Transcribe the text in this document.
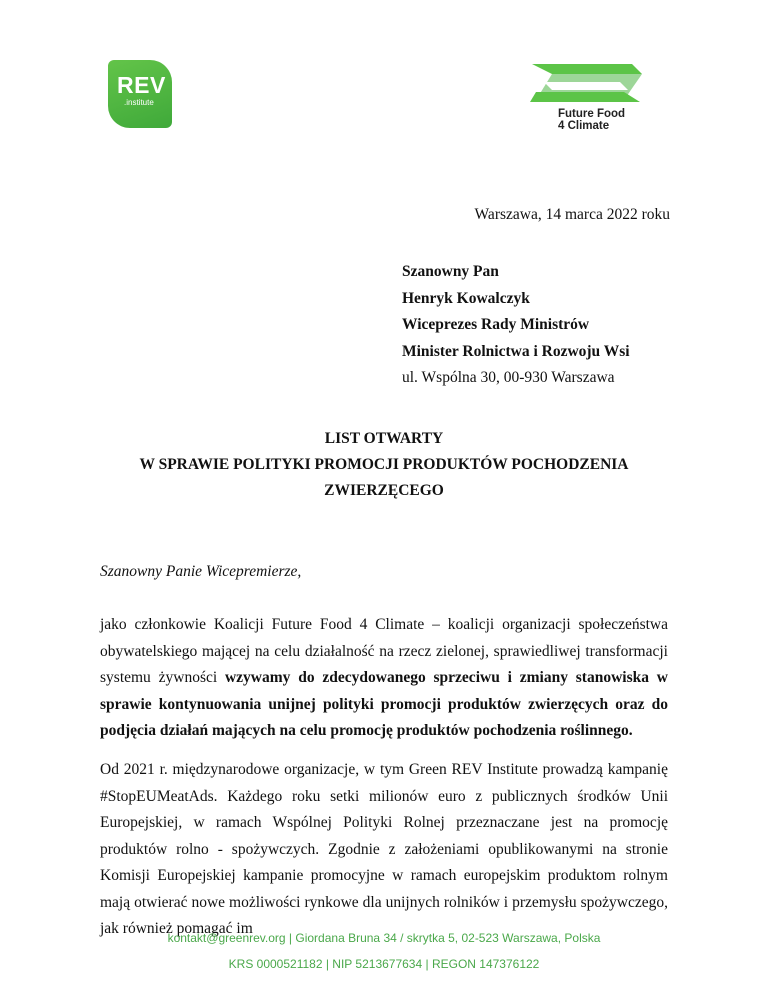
REV
.institute
Future Food
4 Climate
Warszawa, 14 marca 2022 roku
Szanowny Pan
Henryk Kowalczyk
Wiceprezes Rady Ministrów
Minister Rolnictwa i Rozwoju Wsi
ul. Wspólna 30, 00-930 Warszawa
LIST OTWARTY
W SPRAWIE POLITYKI PROMOCJI PRODUKTÓW POCHODZENIA
ZWIERZĘCEGO
Szanowny Panie Wicepremierze,
jako członkowie Koalicji Future Food 4 Climate – koalicji organizacji społeczeństwa obywatelskiego mającej na celu działalność na rzecz zielonej, sprawiedliwej transformacji systemu żywności wzywamy do zdecydowanego sprzeciwu i zmiany stanowiska w sprawie kontynuowania unijnej polityki promocji produktów zwierzęcych oraz do podjęcia działań mających na celu promocję produktów pochodzenia roślinnego.
Od 2021 r. międzynarodowe organizacje, w tym Green REV Institute prowadzą kampanię #StopEUMeatAds. Każdego roku setki milionów euro z publicznych środków Unii Europejskiej, w ramach Wspólnej Polityki Rolnej przeznaczane jest na promocję produktów rolno - spożywczych. Zgodnie z założeniami opublikowanymi na stronie Komisji Europejskiej kampanie promocyjne w ramach europejskim produktom rolnym mają otwierać nowe możliwości rynkowe dla unijnych rolników i przemysłu spożywczego, jak również pomagać im
kontakt@greenrev.org | Giordana Bruna 34 / skrytka 5, 02-523 Warszawa, Polska
KRS 0000521182 | NIP 5213677634 | REGON 147376122
